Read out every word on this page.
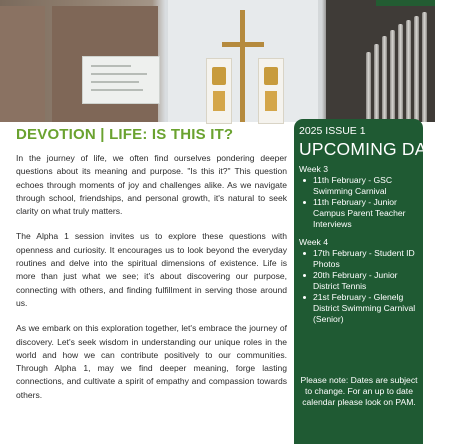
DEVOTION | LIFE: IS THIS IT?

In the journey of life, we often find ourselves pondering deeper questions about its meaning and purpose. "Is this it?" This question echoes through moments of joy and challenges alike. As we navigate through school, friendships, and personal growth, it's natural to seek clarity on what truly matters.

The Alpha 1 session invites us to explore these questions with openness and curiosity. It encourages us to look beyond the everyday routines and delve into the spiritual dimensions of existence. Life is more than just what we see; it's about discovering our purpose, connecting with others, and finding fulfillment in serving those around us.

As we embark on this exploration together, let's embrace the journey of discovery. Let's seek wisdom in understanding our unique roles in the world and how we can contribute positively to our communities. Through Alpha 1, may we find deeper meaning, forge lasting connections, and cultivate a spirit of empathy and compassion towards others.

2025 ISSUE 1
UPCOMING DATES
Week 3
11th February - GSC Swimming Carnival
11th February - Junior Campus Parent Teacher Interviews
Week 4
17th February - Student ID Photos
20th February - Junior District Tennis
21st February - Glenelg District Swimming Carnival (Senior)
Please note: Dates are subject to change. For an up to date calendar please look on PAM.
